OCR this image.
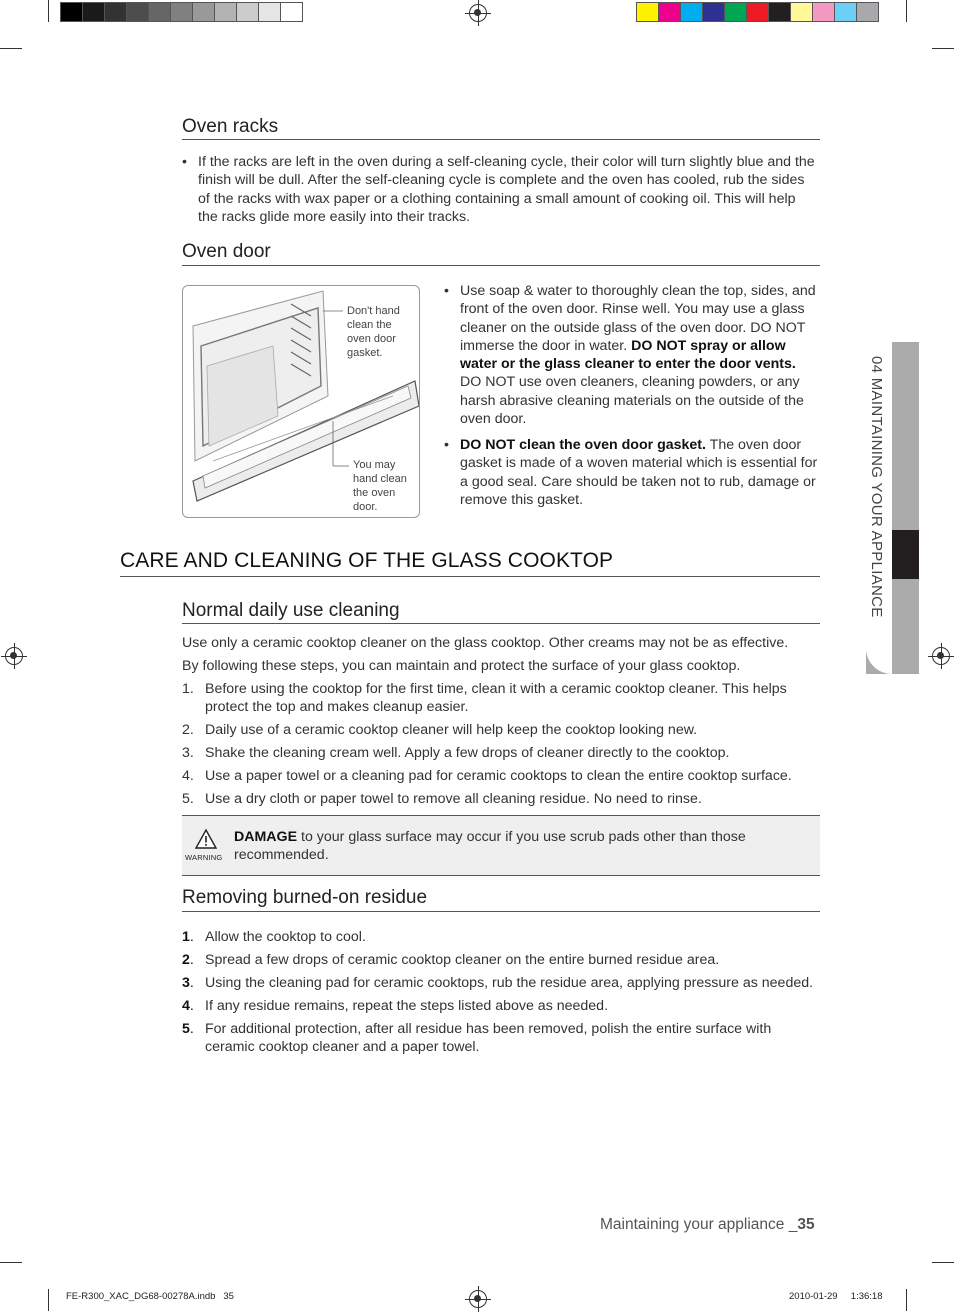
Oven racks
• If the racks are left in the oven during a self-cleaning cycle, their color will turn slightly blue and the finish will be dull. After the self-cleaning cycle is complete and the oven has cooled, rub the sides of the racks with wax paper or a clothing containing a small amount of cooking oil. This will help the racks glide more easily into their tracks.
Oven door
Don't hand clean the oven door gasket.
You may hand clean the oven door.
• Use soap & water to thoroughly clean the top, sides, and front of the oven door. Rinse well. You may use a glass cleaner on the outside glass of the oven door. DO NOT immerse the door in water. DO NOT spray or allow water or the glass cleaner to enter the door vents. DO NOT use oven cleaners, cleaning powders, or any harsh abrasive cleaning materials on the outside of the oven door.
• DO NOT clean the oven door gasket. The oven door gasket is made of a woven material which is essential for a good seal. Care should be taken not to rub, damage or remove this gasket.
CARE AND CLEANING OF THE GLASS COOKTOP
Normal daily use cleaning
Use only a ceramic cooktop cleaner on the glass cooktop. Other creams may not be as effective.
By following these steps, you can maintain and protect the surface of your glass cooktop.
1. Before using the cooktop for the first time, clean it with a ceramic cooktop cleaner. This helps protect the top and makes cleanup easier.
2. Daily use of a ceramic cooktop cleaner will help keep the cooktop looking new.
3. Shake the cleaning cream well. Apply a few drops of cleaner directly to the cooktop.
4. Use a paper towel or a cleaning pad for ceramic cooktops to clean the entire cooktop surface.
5. Use a dry cloth or paper towel to remove all cleaning residue. No need to rinse.
WARNING
DAMAGE to your glass surface may occur if you use scrub pads other than those recommended.
Removing burned-on residue
1. Allow the cooktop to cool.
2. Spread a few drops of ceramic cooktop cleaner on the entire burned residue area.
3. Using the cleaning pad for ceramic cooktops, rub the residue area, applying pressure as needed.
4. If any residue remains, repeat the steps listed above as needed.
5. For additional protection, after all residue has been removed, polish the entire surface with ceramic cooktop cleaner and a paper towel.
04 MAINTAINING YOUR APPLIANCE
Maintaining your appliance _35
FE-R300_XAC_DG68-00278A.indb   35	2010-01-29     1:36:18
